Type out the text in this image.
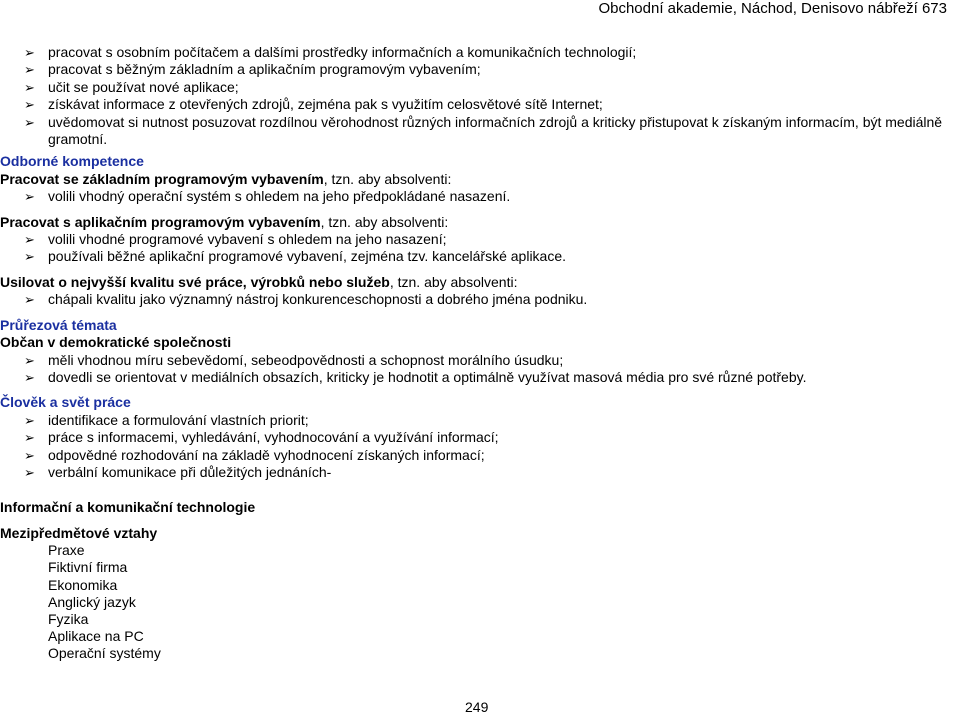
Obchodní akademie, Náchod, Denisovo nábřeží 673
➢ pracovat s osobním počítačem a dalšími prostředky informačních a komunikačních technologií;
➢ pracovat s běžným základním a aplikačním programovým vybavením;
➢ učit se používat nové aplikace;
➢ získávat informace z otevřených zdrojů, zejména pak s využitím celosvětové sítě Internet;
➢ uvědomovat si nutnost posuzovat rozdílnou věrohodnost různých informačních zdrojů a kriticky přistupovat k získaným informacím, být mediálně gramotní.
Odborné kompetence
Pracovat se základním programovým vybavením, tzn. aby absolventi:
➢ volili vhodný operační systém s ohledem na jeho předpokládané nasazení.
Pracovat s aplikačním programovým vybavením, tzn. aby absolventi:
➢ volili vhodné programové vybavení s ohledem na jeho nasazení;
➢ používali běžné aplikační programové vybavení, zejména tzv. kancelářské aplikace.
Usilovat o nejvyšší kvalitu své práce, výrobků nebo služeb, tzn. aby absolventi:
➢ chápali kvalitu jako významný nástroj konkurenceschopnosti a dobrého jména podniku.
Průřezová témata
Občan v demokratické společnosti
➢ měli vhodnou míru sebevědomí, sebeodpovědnosti a schopnost morálního úsudku;
➢ dovedli se orientovat v mediálních obsazích, kriticky je hodnotit a optimálně využívat masová média pro své různé potřeby.
Člověk a svět práce
➢ identifikace a formulování vlastních priorit;
➢ práce s informacemi, vyhledávání, vyhodnocování a využívání informací;
➢ odpovědné rozhodování na základě vyhodnocení získaných informací;
➢ verbální komunikace při důležitých jednáních-
Informační a komunikační technologie
Mezipředmětové vztahy
Praxe
Fiktivní firma
Ekonomika
Anglický jazyk
Fyzika
Aplikace na PC
Operační systémy
249
